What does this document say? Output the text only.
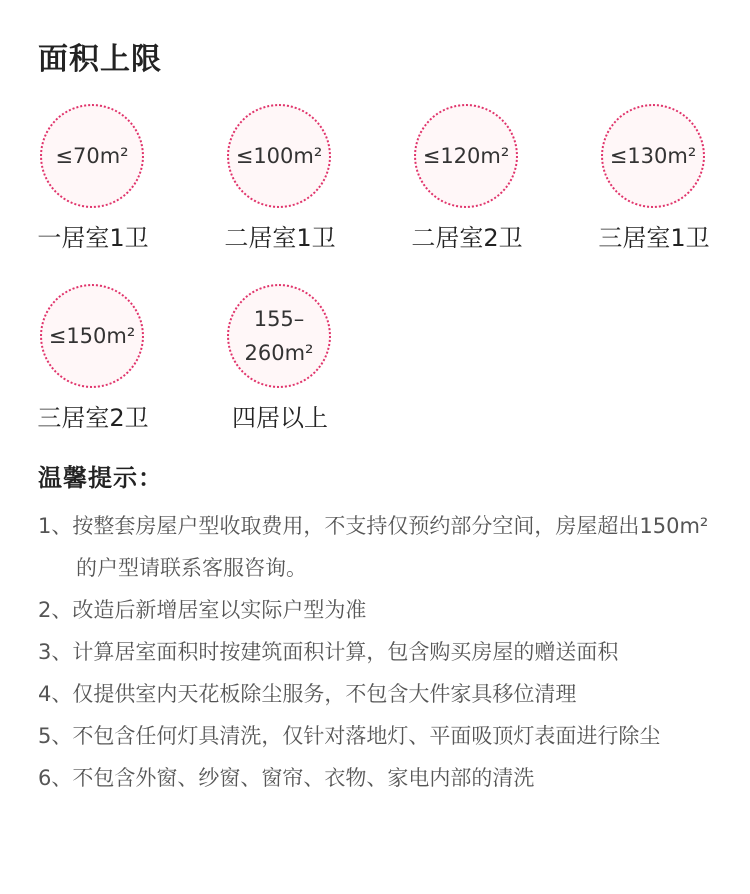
面积上限
≤70m²
一居室1卫
≤100m²
二居室1卫
≤120m²
二居室2卫
≤130m²
三居室1卫
≤150m²
三居室2卫
155–
260m²
四居以上
温馨提示：
1、按整套房屋户型收取费用，不支持仅预约部分空间，房屋超出150m²的户型请联系客服咨询。
2、改造后新增居室以实际户型为准
3、计算居室面积时按建筑面积计算，包含购买房屋的赠送面积
4、仅提供室内天花板除尘服务，不包含大件家具移位清理
5、不包含任何灯具清洗，仅针对落地灯、平面吸顶灯表面进行除尘
6、不包含外窗、纱窗、窗帘、衣物、家电内部的清洗
